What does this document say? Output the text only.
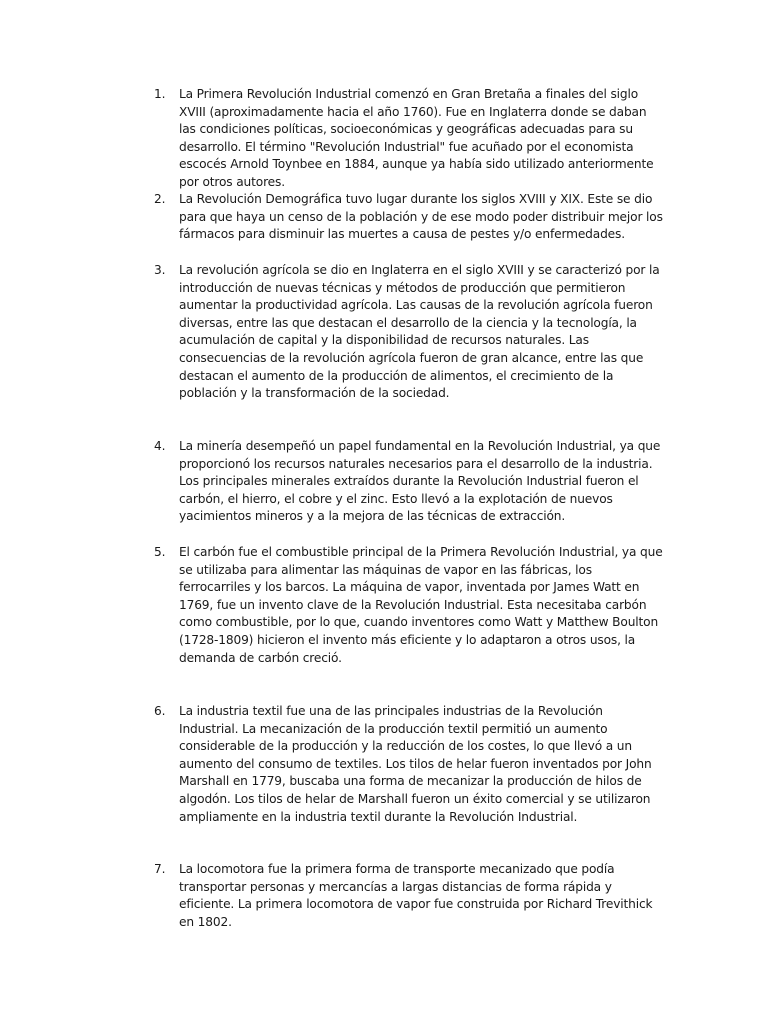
1.	La Primera Revolución Industrial comenzó en Gran Bretaña a finales del siglo XVIII (aproximadamente hacia el año 1760). Fue en Inglaterra donde se daban las condiciones políticas, socioeconómicas y geográficas adecuadas para su desarrollo. El término "Revolución Industrial" fue acuñado por el economista escocés Arnold Toynbee en 1884, aunque ya había sido utilizado anteriormente por otros autores.

2.	La Revolución Demográfica tuvo lugar durante los siglos XVIII y XIX. Este se dio para que haya un censo de la población y de ese modo poder distribuir mejor los fármacos para disminuir las muertes a causa de pestes y/o enfermedades.

3.	La revolución agrícola se dio en Inglaterra en el siglo XVIII y se caracterizó por la introducción de nuevas técnicas y métodos de producción que permitieron aumentar la productividad agrícola. Las causas de la revolución agrícola fueron diversas, entre las que destacan el desarrollo de la ciencia y la tecnología, la acumulación de capital y la disponibilidad de recursos naturales. Las consecuencias de la revolución agrícola fueron de gran alcance, entre las que destacan el aumento de la producción de alimentos, el crecimiento de la población y la transformación de la sociedad.

4.	La minería desempeñó un papel fundamental en la Revolución Industrial, ya que proporcionó los recursos naturales necesarios para el desarrollo de la industria. Los principales minerales extraídos durante la Revolución Industrial fueron el carbón, el hierro, el cobre y el zinc. Esto llevó a la explotación de nuevos yacimientos mineros y a la mejora de las técnicas de extracción.

5.	El carbón fue el combustible principal de la Primera Revolución Industrial, ya que se utilizaba para alimentar las máquinas de vapor en las fábricas, los ferrocarriles y los barcos. La máquina de vapor, inventada por James Watt en 1769, fue un invento clave de la Revolución Industrial. Esta necesitaba carbón como combustible, por lo que, cuando inventores como Watt y Matthew Boulton (1728-1809) hicieron el invento más eficiente y lo adaptaron a otros usos, la demanda de carbón creció.

6.	La industria textil fue una de las principales industrias de la Revolución Industrial. La mecanización de la producción textil permitió un aumento considerable de la producción y la reducción de los costes, lo que llevó a un aumento del consumo de textiles. Los tilos de helar fueron inventados por John Marshall en 1779, buscaba una forma de mecanizar la producción de hilos de algodón. Los tilos de helar de Marshall fueron un éxito comercial y se utilizaron ampliamente en la industria textil durante la Revolución Industrial.

7.	La locomotora fue la primera forma de transporte mecanizado que podía transportar personas y mercancías a largas distancias de forma rápida y eficiente. La primera locomotora de vapor fue construida por Richard Trevithick en 1802.
